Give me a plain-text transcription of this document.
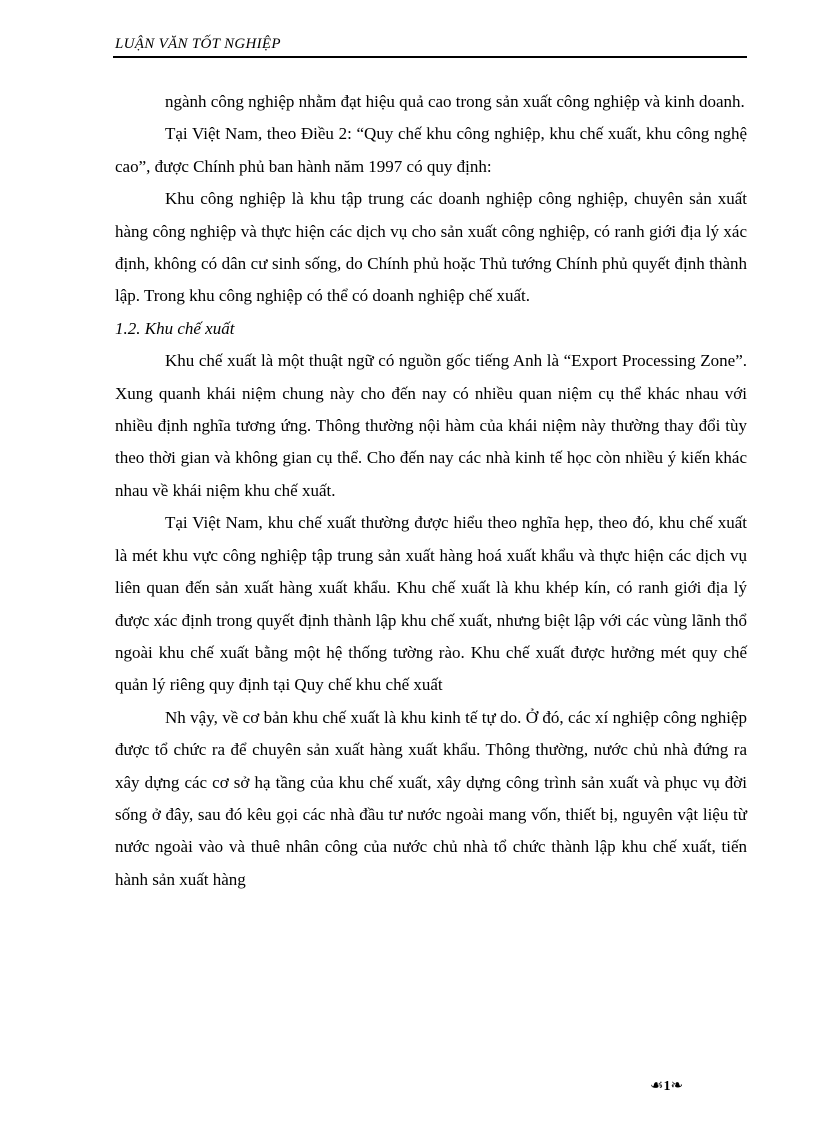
LUẬN VĂN TỐT NGHIỆP

ngành công nghiệp nhằm đạt hiệu quả cao trong sản xuất công nghiệp và kinh doanh.

Tại Việt Nam, theo Điều 2: “Quy chế khu công nghiệp, khu chế xuất, khu công nghệ cao”, được Chính phủ ban hành năm 1997 có quy định:

Khu công nghiệp là khu tập trung các doanh nghiệp công nghiệp, chuyên sản xuất hàng công nghiệp và thực hiện các dịch vụ cho sản xuất công nghiệp, có ranh giới địa lý xác định, không có dân cư sinh sống, do Chính phủ hoặc Thủ tướng Chính phủ quyết định thành lập. Trong khu công nghiệp có thể có doanh nghiệp chế xuất.

1.2. Khu chế xuất

Khu chế xuất là một thuật ngữ có nguồn gốc tiếng Anh là “Export Processing Zone”. Xung quanh khái niệm chung này cho đến nay có nhiều quan niệm cụ thể khác nhau với nhiều định nghĩa tương ứng. Thông thường nội hàm của khái niệm này thường thay đổi tùy theo thời gian và không gian cụ thể. Cho đến nay các nhà kinh tế học còn nhiều ý kiến khác nhau về khái niệm khu chế xuất.

Tại Việt Nam, khu chế xuất thường được hiểu theo nghĩa hẹp, theo đó, khu chế xuất là mét khu vực công nghiệp tập trung sản xuất hàng hoá xuất khẩu và thực hiện các dịch vụ liên quan đến sản xuất hàng xuất khẩu. Khu chế xuất là khu khép kín, có ranh giới địa lý được xác định trong quyết định thành lập khu chế xuất, nhưng biệt lập với các vùng lãnh thổ ngoài khu chế xuất bằng một hệ thống tường rào. Khu chế xuất được hưởng mét quy chế quản lý riêng quy định tại Quy chế khu chế xuất

Nh vậy, về cơ bản khu chế xuất là khu kinh tế tự do. Ở đó, các xí nghiệp công nghiệp được tổ chức ra để chuyên sản xuất hàng xuất khẩu. Thông thường, nước chủ nhà đứng ra xây dựng các cơ sở hạ tầng của khu chế xuất, xây dựng công trình sản xuất và phục vụ đời sống ở đây, sau đó kêu gọi các nhà đầu tư nước ngoài mang vốn, thiết bị, nguyên vật liệu từ nước ngoài vào và thuê nhân công của nước chủ nhà tổ chức thành lập khu chế xuất, tiến hành sản xuất hàng

☙1❧
